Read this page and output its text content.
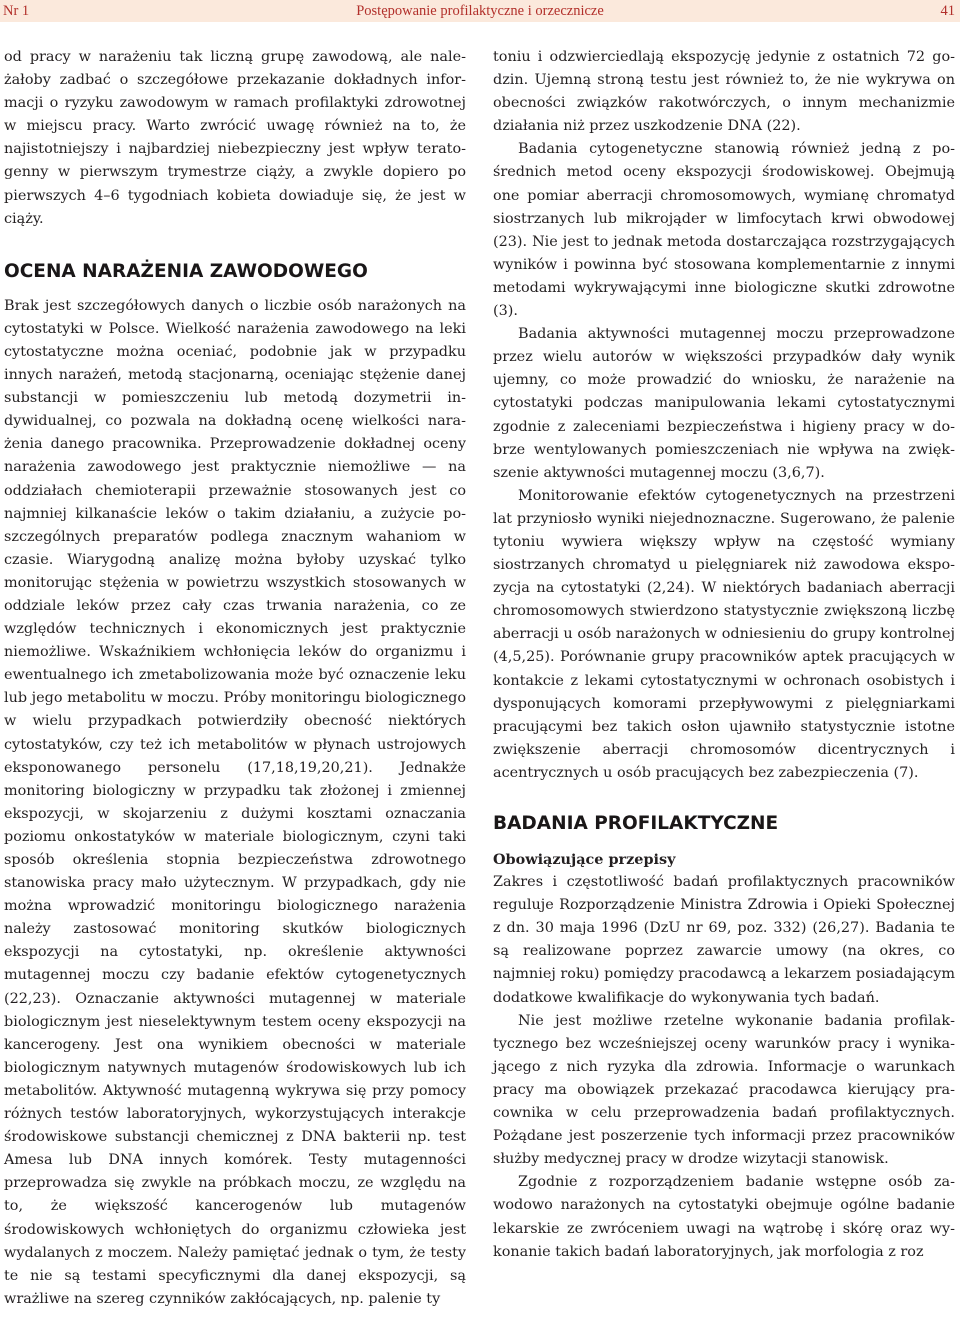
Nr 1	Postępowanie profilaktyczne i orzecznicze	41

od pracy w narażeniu tak liczną grupę zawodową, ale należałoby zadbać o szczegółowe przekazanie dokładnych informacji o ryzyku zawodowym w ramach profilaktyki zdrowotnej w miejscu pracy. Warto zwrócić uwagę również na to, że najistotniejszy i najbardziej niebezpieczny jest wpływ teratogenny w pierwszym trymestrze ciąży, a zwykle dopiero po pierwszych 4–6 tygodniach kobieta dowiaduje się, że jest w ciąży.

OCENA NARAŻENIA ZAWODOWEGO

Brak jest szczegółowych danych o liczbie osób narażonych na cytostatyki w Polsce. Wielkość narażenia zawodowego na leki cytostatyczne można oceniać, podobnie jak w przypadku innych narażeń, metodą stacjonarną, oceniając stężenie danej substancji w pomieszczeniu lub metodą dozymetrii indywidualnej, co pozwala na dokładną ocenę wielkości narażenia danego pracownika. Przeprowadzenie dokładnej oceny narażenia zawodowego jest praktycznie niemożliwe — na oddziałach chemioterapii przeważnie stosowanych jest co najmniej kilkanaście leków o takim działaniu, a zużycie poszczególnych preparatów podlega znacznym wahaniom w czasie. Wiarygodną analizę można byłoby uzyskać tylko monitorując stężenia w powietrzu wszystkich stosowanych w oddziale leków przez cały czas trwania narażenia, co ze względów technicznych i ekonomicznych jest praktycznie niemożliwe. Wskaźnikiem wchłonięcia leków do organizmu i ewentualnego ich zmetabolizowania może być oznaczenie leku lub jego metabolitu w moczu. Próby monitoringu biologicznego w wielu przypadkach potwierdziły obecność niektórych cytostatyków, czy też ich metabolitów w płynach ustrojowych eksponowanego personelu (17,18,19,20,21). Jednakże monitoring biologiczny w przypadku tak złożonej i zmiennej ekspozycji, w skojarzeniu z dużymi kosztami oznaczania poziomu onkostatyków w materiale biologicznym, czyni taki sposób określenia stopnia bezpieczeństwa zdrowotnego stanowiska pracy mało użytecznym. W przypadkach, gdy nie można wprowadzić monitoringu biologicznego narażenia należy zastosować monitoring skutków biologicznych ekspozycji na cytostatyki, np. określenie aktywności mutagennej moczu czy badanie efektów cytogenetycznych (22,23). Oznaczanie aktywności mutagennej w materiale biologicznym jest nieselektywnym testem oceny ekspozycji na kancerogeny. Jest ona wynikiem obecności w materiale biologicznym natywnych mutagenów środowiskowych lub ich metabolitów. Aktywność mutagenną wykrywa się przy pomocy różnych testów laboratoryjnych, wykorzystujących interakcje środowiskowe substancji chemicznej z DNA bakterii np. test Amesa lub DNA innych komórek. Testy mutagenności przeprowadza się zwykle na próbkach moczu, ze względu na to, że większość kancerogenów lub mutagenów środowiskowych wchłoniętych do organizmu człowieka jest wydalanych z moczem. Należy pamiętać jednak o tym, że testy te nie są testami specyficznymi dla danej ekspozycji, są wrażliwe na szereg czynników zakłócających, np. palenie ty

toniu i odzwierciedlają ekspozycję jedynie z ostatnich 72 godzin. Ujemną stroną testu jest również to, że nie wykrywa on obecności związków rakotwórczych, o innym mechanizmie działania niż przez uszkodzenie DNA (22).

Badania cytogenetyczne stanowią również jedną z pośrednich metod oceny ekspozycji środowiskowej. Obejmują one pomiar aberracji chromosomowych, wymianę chromatyd siostrzanych lub mikrojąder w limfocytach krwi obwodowej (23). Nie jest to jednak metoda dostarczająca rozstrzygających wyników i powinna być stosowana komplementarnie z innymi metodami wykrywającymi inne biologiczne skutki zdrowotne (3).

Badania aktywności mutagennej moczu przeprowadzone przez wielu autorów w większości przypadków dały wynik ujemny, co może prowadzić do wniosku, że narażenie na cytostatyki podczas manipulowania lekami cytostatycznymi zgodnie z zaleceniami bezpieczeństwa i higieny pracy w dobrze wentylowanych pomieszczeniach nie wpływa na zwiększenie aktywności mutagennej moczu (3,6,7).

Monitorowanie efektów cytogenetycznych na przestrzeni lat przyniosło wyniki niejednoznaczne. Sugerowano, że palenie tytoniu wywiera większy wpływ na częstość wymiany siostrzanych chromatyd u pielęgniarek niż zawodowa ekspozycja na cytostatyki (2,24). W niektórych badaniach aberracji chromosomowych stwierdzono statystycznie zwiększoną liczbę aberracji u osób narażonych w odniesieniu do grupy kontrolnej (4,5,25). Porównanie grupy pracowników aptek pracujących w kontakcie z lekami cytostatycznymi w ochronach osobistych i dysponujących komorami przepływowymi z pielęgniarkami pracującymi bez takich osłon ujawniło statystycznie istotne zwiększenie aberracji chromosomów dicentrycznych i acentrycznych u osób pracujących bez zabezpieczenia (7).

BADANIA PROFILAKTYCZNE
Obowiązujące przepisy

Zakres i częstotliwość badań profilaktycznych pracowników reguluje Rozporządzenie Ministra Zdrowia i Opieki Społecznej z dn. 30 maja 1996 (DzU nr 69, poz. 332) (26,27). Badania te są realizowane poprzez zawarcie umowy (na okres, co najmniej roku) pomiędzy pracodawcą a lekarzem posiadającym dodatkowe kwalifikacje do wykonywania tych badań.

Nie jest możliwe rzetelne wykonanie badania profilaktycznego bez wcześniejszej oceny warunków pracy i wynikającego z nich ryzyka dla zdrowia. Informacje o warunkach pracy ma obowiązek przekazać pracodawca kierujący pracownika w celu przeprowadzenia badań profilaktycznych. Pożądane jest poszerzenie tych informacji przez pracowników służby medycznej pracy w drodze wizytacji stanowisk.

Zgodnie z rozporządzeniem badanie wstępne osób zawodowo narażonych na cytostatyki obejmuje ogólne badanie lekarskie ze zwróceniem uwagi na wątrobę i skórę oraz wykonanie takich badań laboratoryjnych, jak morfologia z roz
